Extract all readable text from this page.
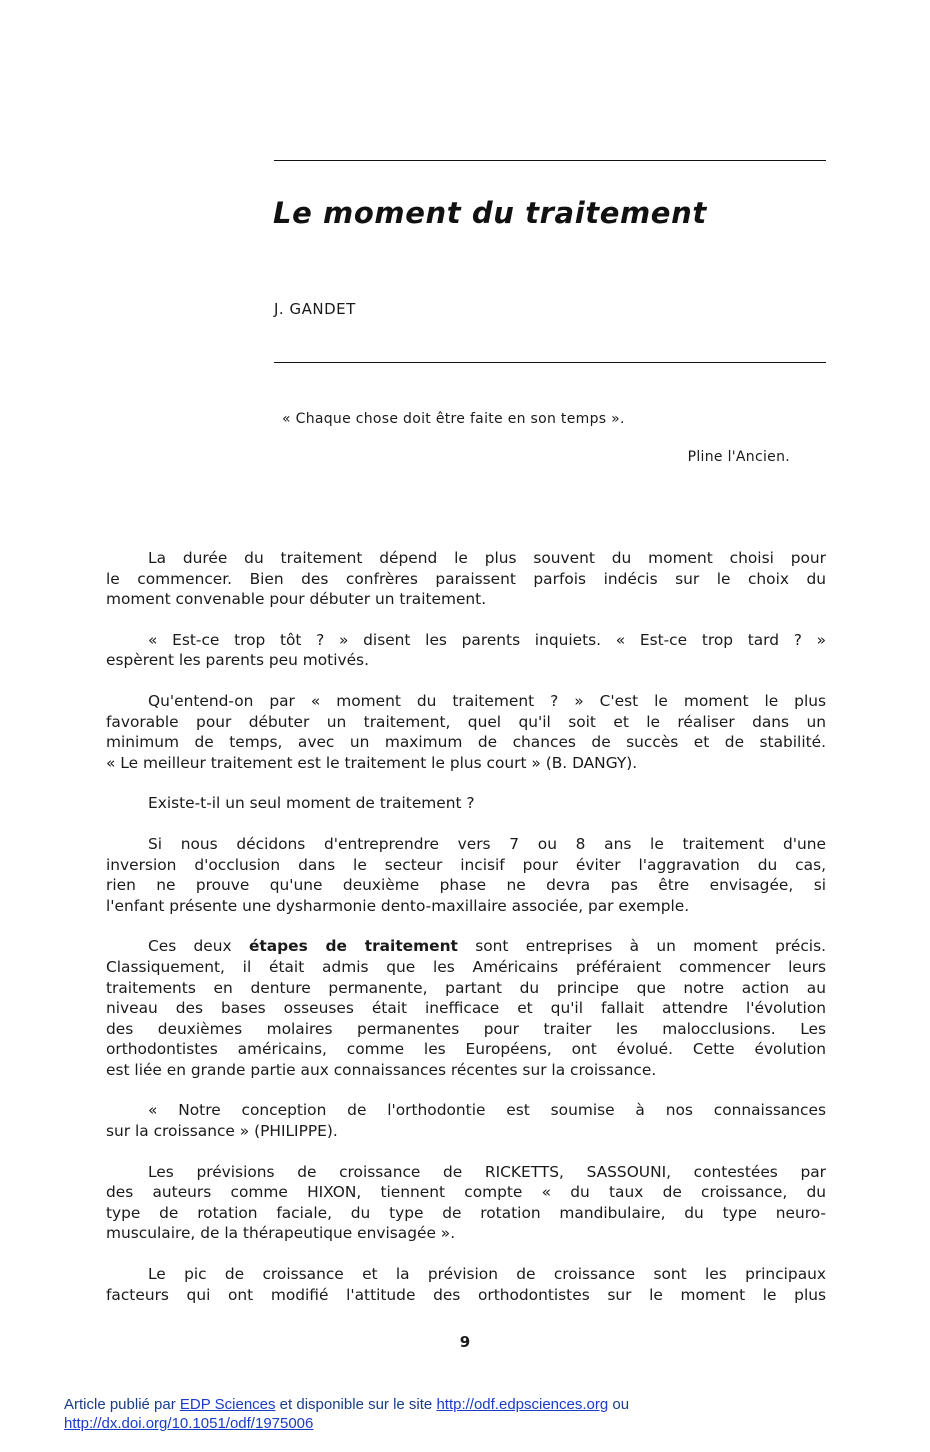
Le moment du traitement
J. GANDET
« Chaque chose doit être faite en son temps ».
Pline l'Ancien.

La durée du traitement dépend le plus souvent du moment choisi pour
le commencer. Bien des confrères paraissent parfois indécis sur le choix du
moment convenable pour débuter un traitement.

« Est-ce trop tôt ? » disent les parents inquiets. « Est-ce trop tard ? »
espèrent les parents peu motivés.

Qu'entend-on par « moment du traitement ? » C'est le moment le plus
favorable pour débuter un traitement, quel qu'il soit et le réaliser dans un
minimum de temps, avec un maximum de chances de succès et de stabilité.
« Le meilleur traitement est le traitement le plus court » (B. DANGY).

Existe-t-il un seul moment de traitement ?

Si nous décidons d'entreprendre vers 7 ou 8 ans le traitement d'une
inversion d'occlusion dans le secteur incisif pour éviter l'aggravation du cas,
rien ne prouve qu'une deuxième phase ne devra pas être envisagée, si
l'enfant présente une dysharmonie dento-maxillaire associée, par exemple.

Ces deux étapes de traitement sont entreprises à un moment précis.
Classiquement, il était admis que les Américains préféraient commencer leurs
traitements en denture permanente, partant du principe que notre action au
niveau des bases osseuses était inefficace et qu'il fallait attendre l'évolution
des deuxièmes molaires permanentes pour traiter les malocclusions. Les
orthodontistes américains, comme les Européens, ont évolué. Cette évolution
est liée en grande partie aux connaissances récentes sur la croissance.

« Notre conception de l'orthodontie est soumise à nos connaissances
sur la croissance » (PHILIPPE).

Les prévisions de croissance de RICKETTS, SASSOUNI, contestées par
des auteurs comme HIXON, tiennent compte « du taux de croissance, du
type de rotation faciale, du type de rotation mandibulaire, du type neuro-
musculaire, de la thérapeutique envisagée ».

Le pic de croissance et la prévision de croissance sont les principaux
facteurs qui ont modifié l'attitude des orthodontistes sur le moment le plus

9
Article publié par EDP Sciences et disponible sur le site http://odf.edpsciences.org ou
http://dx.doi.org/10.1051/odf/1975006
